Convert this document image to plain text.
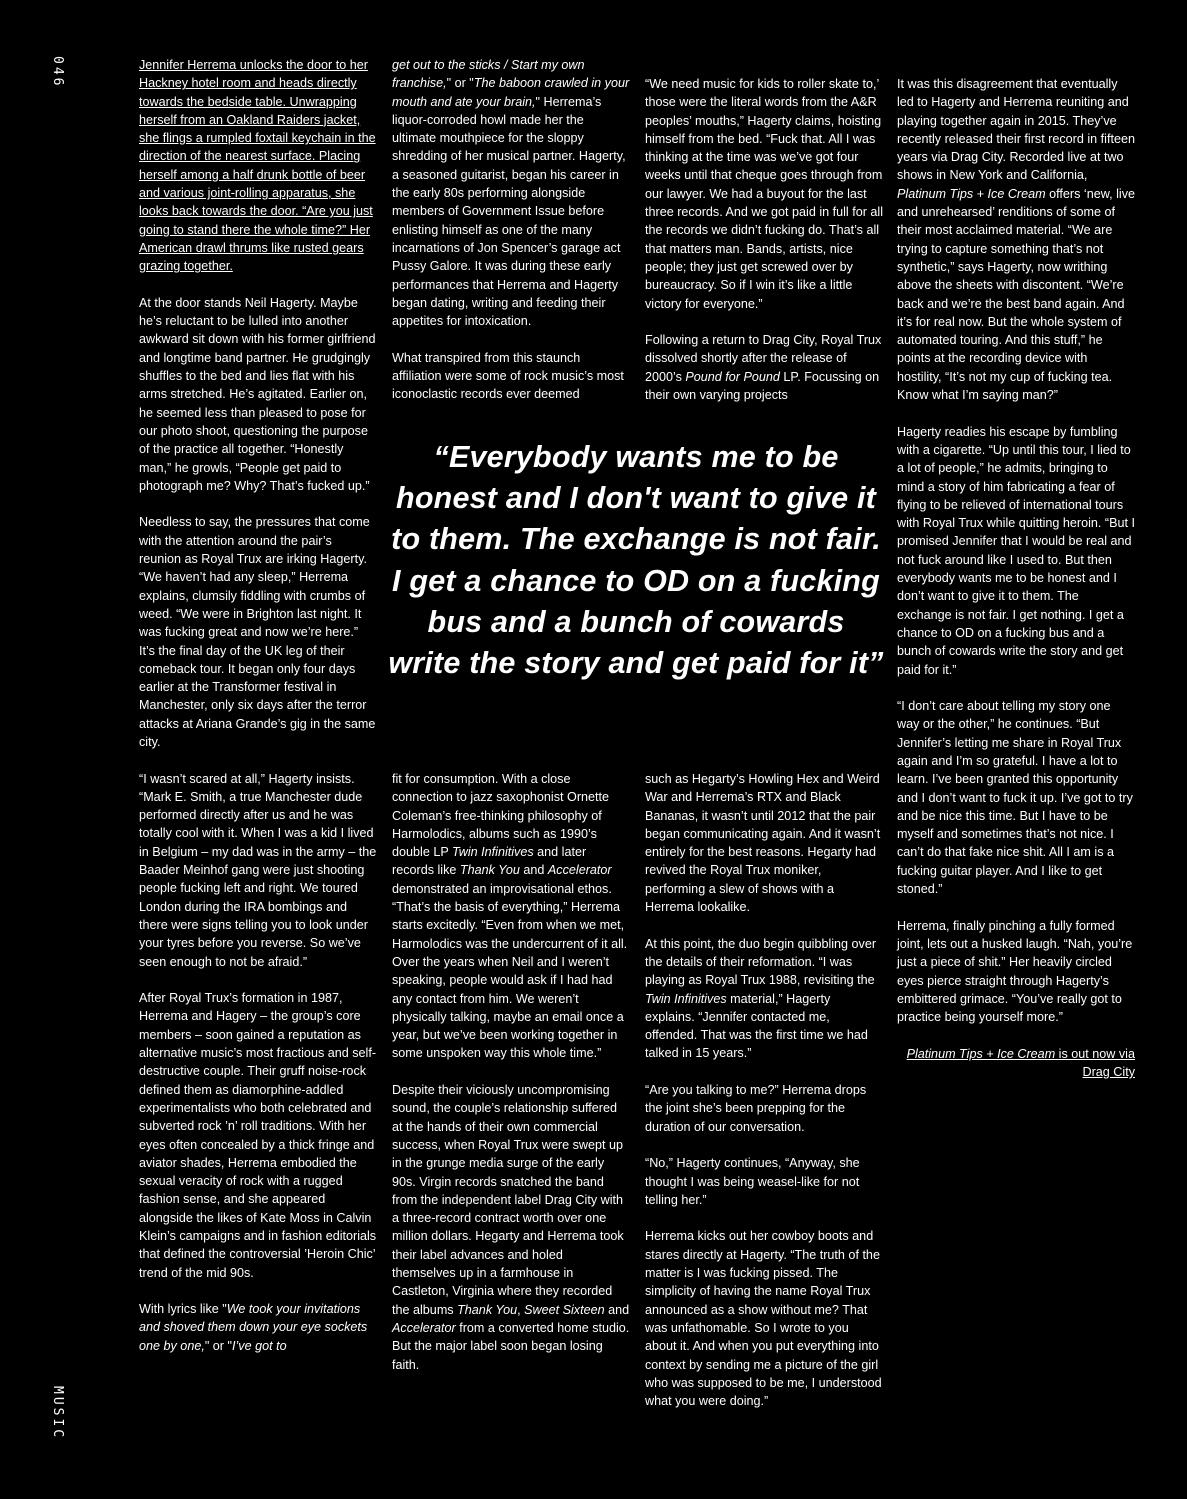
046
MUSIC

Jennifer Herrema unlocks the door to her Hackney hotel room and heads directly towards the bedside table. Unwrapping herself from an Oakland Raiders jacket, she flings a rumpled foxtail keychain in the direction of the nearest surface. Placing herself among a half drunk bottle of beer and various joint-rolling apparatus, she looks back towards the door. “Are you just going to stand there the whole time?” Her American drawl thrums like rusted gears grazing together.

At the door stands Neil Hagerty. Maybe he’s reluctant to be lulled into another awkward sit down with his former girlfriend and longtime band partner. He grudgingly shuffles to the bed and lies flat with his arms stretched. He’s agitated. Earlier on, he seemed less than pleased to pose for our photo shoot, questioning the purpose of the practice all together. “Honestly man,” he growls, “People get paid to photograph me? Why? That’s fucked up.”

Needless to say, the pressures that come with the attention around the pair’s reunion as Royal Trux are irking Hagerty. “We haven’t had any sleep,” Herrema explains, clumsily fiddling with crumbs of weed. “We were in Brighton last night. It was fucking great and now we’re here.” It’s the final day of the UK leg of their comeback tour. It began only four days earlier at the Transformer festival in Manchester, only six days after the terror attacks at Ariana Grande’s gig in the same city.

“I wasn’t scared at all,” Hagerty insists. “Mark E. Smith, a true Manchester dude performed directly after us and he was totally cool with it. When I was a kid I lived in Belgium – my dad was in the army – the Baader Meinhof gang were just shooting people fucking left and right. We toured London during the IRA bombings and there were signs telling you to look under your tyres before you reverse. So we’ve seen enough to not be afraid.”

After Royal Trux’s formation in 1987, Herrema and Hagery – the group’s core members – soon gained a reputation as alternative music’s most fractious and self-destructive couple. Their gruff noise-rock defined them as diamorphine-addled experimentalists who both celebrated and subverted rock ’n’ roll traditions. With her eyes often concealed by a thick fringe and aviator shades, Herrema embodied the sexual veracity of rock with a rugged fashion sense, and she appeared alongside the likes of Kate Moss in Calvin Klein’s campaigns and in fashion editorials that defined the controversial ’Heroin Chic’ trend of the mid 90s.

With lyrics like "We took your invitations and shoved them down your eye sockets one by one," or "I’ve got to

get out to the sticks / Start my own franchise," or "The baboon crawled in your mouth and ate your brain," Herrema’s liquor-corroded howl made her the ultimate mouthpiece for the sloppy shredding of her musical partner. Hagerty, a seasoned guitarist, began his career in the early 80s performing alongside members of Government Issue before enlisting himself as one of the many incarnations of Jon Spencer’s garage act Pussy Galore. It was during these early performances that Herrema and Hagerty began dating, writing and feeding their appetites for intoxication.

What transpired from this staunch affiliation were some of rock music’s most iconoclastic records ever deemed

“We need music for kids to roller skate to,’ those were the literal words from the A&R peoples’ mouths,” Hagerty claims, hoisting himself from the bed. “Fuck that. All I was thinking at the time was we’ve got four weeks until that cheque goes through from our lawyer. We had a buyout for the last three records. And we got paid in full for all the records we didn’t fucking do. That’s all that matters man. Bands, artists, nice people; they just get screwed over by bureaucracy. So if I win it’s like a little victory for everyone.”

Following a return to Drag City, Royal Trux dissolved shortly after the release of 2000’s Pound for Pound LP. Focussing on their own varying projects

“Everybody wants me to be honest and I don't want to give it to them. The exchange is not fair. I get a chance to OD on a fucking bus and a bunch of cowards write the story and get paid for it”

fit for consumption. With a close connection to jazz saxophonist Ornette Coleman’s free-thinking philosophy of Harmolodics, albums such as 1990’s double LP Twin Infinitives and later records like Thank You and Accelerator demonstrated an improvisational ethos. “That’s the basis of everything,” Herrema starts excitedly. “Even from when we met, Harmolodics was the undercurrent of it all. Over the years when Neil and I weren’t speaking, people would ask if I had had any contact from him. We weren’t physically talking, maybe an email once a year, but we’ve been working together in some unspoken way this whole time.”

Despite their viciously uncompromising sound, the couple’s relationship suffered at the hands of their own commercial success, when Royal Trux were swept up in the grunge media surge of the early 90s. Virgin records snatched the band from the independent label Drag City with a three-record contract worth over one million dollars. Hegarty and Herrema took their label advances and holed themselves up in a farmhouse in Castleton, Virginia where they recorded the albums Thank You, Sweet Sixteen and Accelerator from a converted home studio. But the major label soon began losing faith.

such as Hegarty’s Howling Hex and Weird War and Herrema’s RTX and Black Bananas, it wasn’t until 2012 that the pair began communicating again. And it wasn’t entirely for the best reasons. Hegarty had revived the Royal Trux moniker, performing a slew of shows with a Herrema lookalike.

At this point, the duo begin quibbling over the details of their reformation. “I was playing as Royal Trux 1988, revisiting the Twin Infinitives material,” Hagerty explains. “Jennifer contacted me, offended. That was the first time we had talked in 15 years.”

“Are you talking to me?” Herrema drops the joint she’s been prepping for the duration of our conversation.

“No,” Hagerty continues, “Anyway, she thought I was being weasel-like for not telling her.”

Herrema kicks out her cowboy boots and stares directly at Hagerty. “The truth of the matter is I was fucking pissed. The simplicity of having the name Royal Trux announced as a show without me? That was unfathomable. So I wrote to you about it. And when you put everything into context by sending me a picture of the girl who was supposed to be me, I understood what you were doing.”

It was this disagreement that eventually led to Hagerty and Herrema reuniting and playing together again in 2015. They’ve recently released their first record in fifteen years via Drag City. Recorded live at two shows in New York and California, Platinum Tips + Ice Cream offers ‘new, live and unrehearsed’ renditions of some of their most acclaimed material. “We are trying to capture something that’s not synthetic,” says Hagerty, now writhing above the sheets with discontent. “We’re back and we’re the best band again. And it’s for real now. But the whole system of automated touring. And this stuff,” he points at the recording device with hostility, “It’s not my cup of fucking tea. Know what I’m saying man?”

Hagerty readies his escape by fumbling with a cigarette. “Up until this tour, I lied to a lot of people,” he admits, bringing to mind a story of him fabricating a fear of flying to be relieved of international tours with Royal Trux while quitting heroin. “But I promised Jennifer that I would be real and not fuck around like I used to. But then everybody wants me to be honest and I don’t want to give it to them. The exchange is not fair. I get nothing. I get a chance to OD on a fucking bus and a bunch of cowards write the story and get paid for it.”

“I don’t care about telling my story one way or the other,” he continues. “But Jennifer’s letting me share in Royal Trux again and I’m so grateful. I have a lot to learn. I’ve been granted this opportunity and I don’t want to fuck it up. I’ve got to try and be nice this time. But I have to be myself and sometimes that’s not nice. I can’t do that fake nice shit. All I am is a fucking guitar player. And I like to get stoned.”

Herrema, finally pinching a fully formed joint, lets out a husked laugh. “Nah, you’re just a piece of shit.” Her heavily circled eyes pierce straight through Hagerty’s embittered grimace. “You’ve really got to practice being yourself more.”

Platinum Tips + Ice Cream is out now via Drag City
